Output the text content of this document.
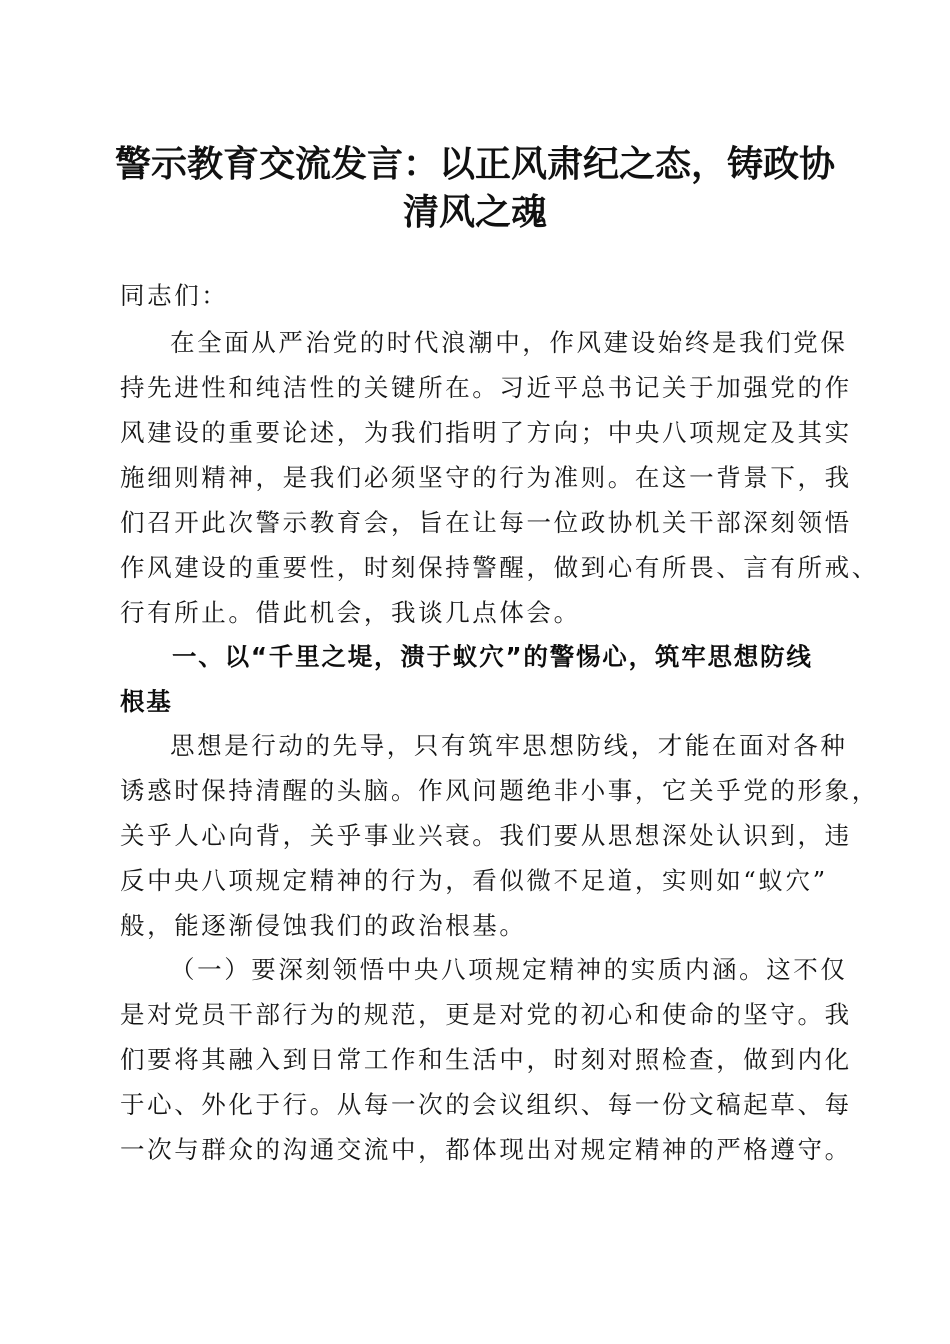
警示教育交流发言：以正风肃纪之态，铸政协
清风之魂
同志们：
在全面从严治党的时代浪潮中，作风建设始终是我们党保
持先进性和纯洁性的关键所在。习近平总书记关于加强党的作
风建设的重要论述，为我们指明了方向；中央八项规定及其实
施细则精神，是我们必须坚守的行为准则。在这一背景下，我
们召开此次警示教育会，旨在让每一位政协机关干部深刻领悟
作风建设的重要性，时刻保持警醒，做到心有所畏、言有所戒、
行有所止。借此机会，我谈几点体会。
一、以“千里之堤，溃于蚁穴”的警惕心，筑牢思想防线
根基
思想是行动的先导，只有筑牢思想防线，才能在面对各种
诱惑时保持清醒的头脑。作风问题绝非小事，它关乎党的形象，
关乎人心向背，关乎事业兴衰。我们要从思想深处认识到，违
反中央八项规定精神的行为，看似微不足道，实则如“蚁穴”
般，能逐渐侵蚀我们的政治根基。
（一）要深刻领悟中央八项规定精神的实质内涵。这不仅
是对党员干部行为的规范，更是对党的初心和使命的坚守。我
们要将其融入到日常工作和生活中，时刻对照检查，做到内化
于心、外化于行。从每一次的会议组织、每一份文稿起草、每
一次与群众的沟通交流中，都体现出对规定精神的严格遵守。
